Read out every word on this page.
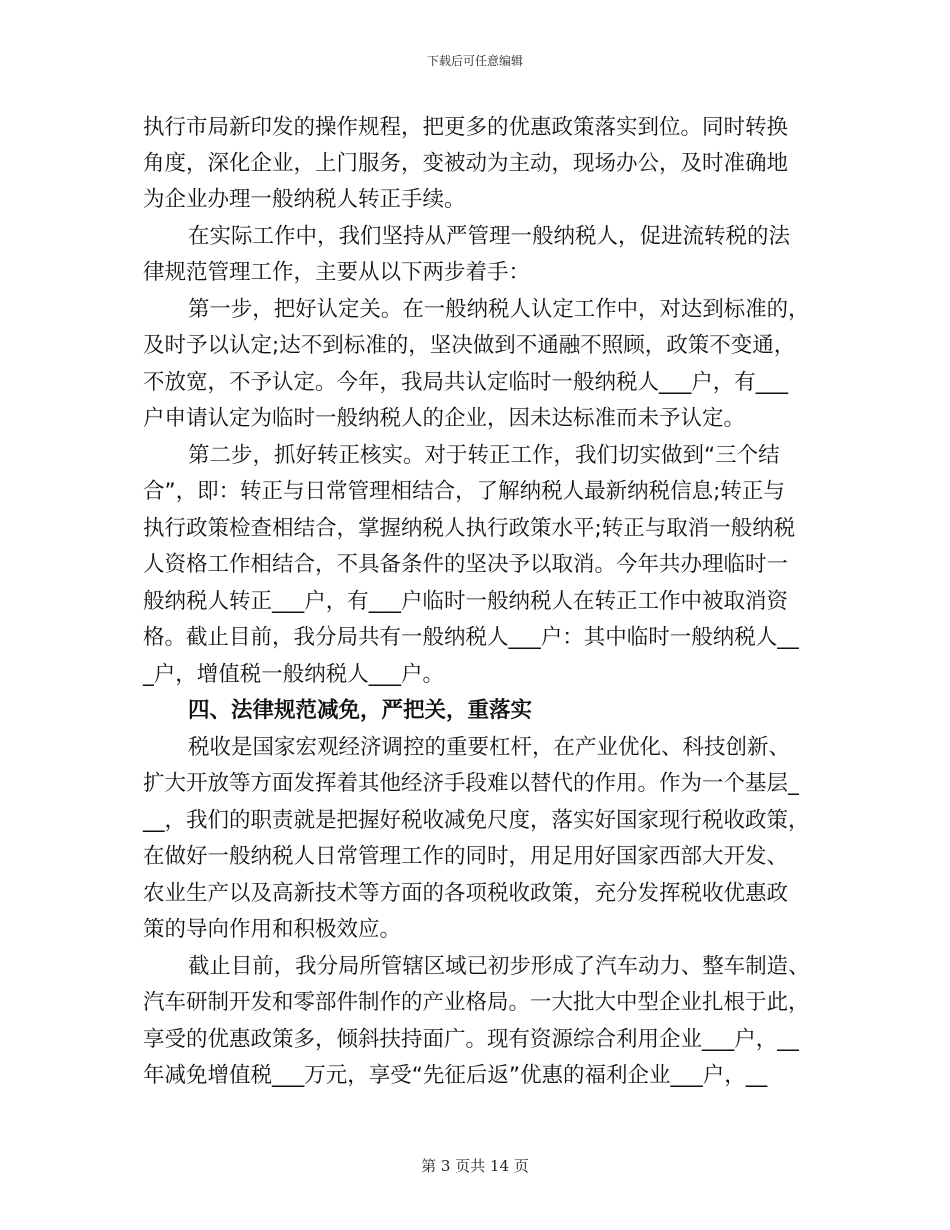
下载后可任意编辑
执行市局新印发的操作规程，把更多的优惠政策落实到位。同时转换
角度，深化企业，上门服务，变被动为主动，现场办公，及时准确地
为企业办理一般纳税人转正手续。
在实际工作中，我们坚持从严管理一般纳税人，促进流转税的法
律规范管理工作，主要从以下两步着手：
第一步，把好认定关。在一般纳税人认定工作中，对达到标准的，
及时予以认定;达不到标准的，坚决做到不通融不照顾，政策不变通，
不放宽，不予认定。今年，我局共认定临时一般纳税人___户，有___
户申请认定为临时一般纳税人的企业，因未达标准而未予认定。
第二步，抓好转正核实。对于转正工作，我们切实做到“三个结
合”，即：转正与日常管理相结合，了解纳税人最新纳税信息;转正与
执行政策检查相结合，掌握纳税人执行政策水平;转正与取消一般纳税
人资格工作相结合，不具备条件的坚决予以取消。今年共办理临时一
般纳税人转正___户，有___户临时一般纳税人在转正工作中被取消资
格。截止目前，我分局共有一般纳税人___户：其中临时一般纳税人__
_户，增值税一般纳税人___户。
四、法律规范减免，严把关，重落实
税收是国家宏观经济调控的重要杠杆，在产业优化、科技创新、
扩大开放等方面发挥着其他经济手段难以替代的作用。作为一个基层_
__，我们的职责就是把握好税收减免尺度，落实好国家现行税收政策，
在做好一般纳税人日常管理工作的同时，用足用好国家西部大开发、
农业生产以及高新技术等方面的各项税收政策，充分发挥税收优惠政
策的导向作用和积极效应。
截止目前，我分局所管辖区域已初步形成了汽车动力、整车制造、
汽车研制开发和零部件制作的产业格局。一大批大中型企业扎根于此，
享受的优惠政策多，倾斜扶持面广。现有资源综合利用企业___户，__
年减免增值税___万元，享受“先征后返”优惠的福利企业___户，__
第 3 页共 14 页
